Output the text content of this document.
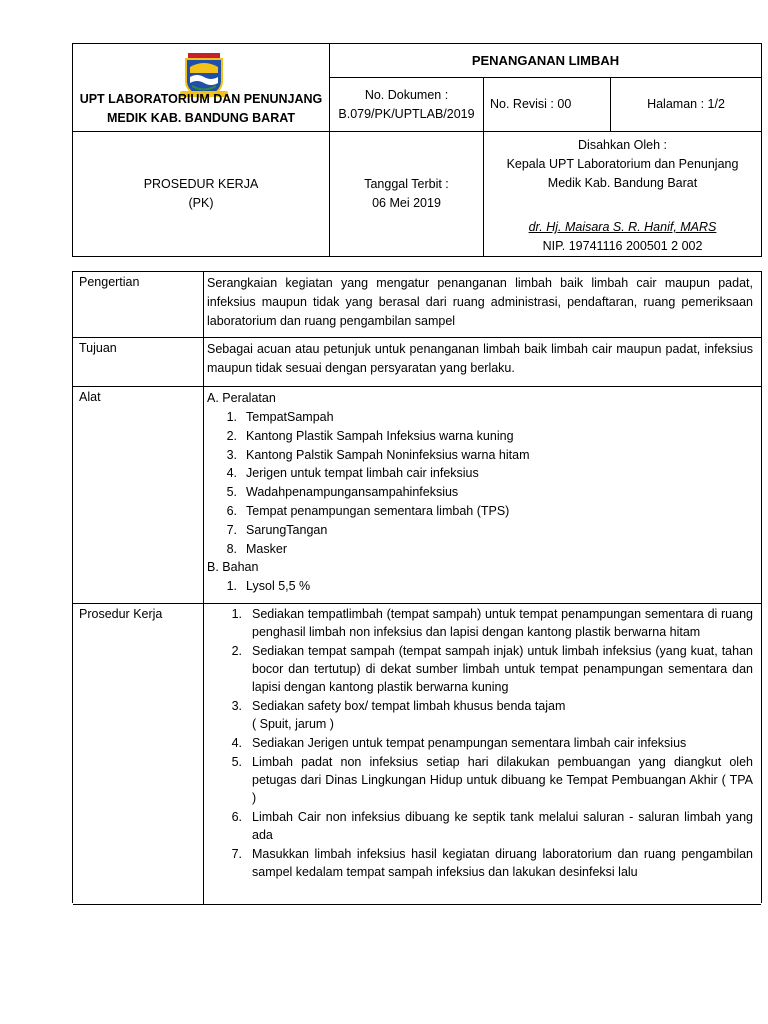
UPT LABORATORIUM DAN PENUNJANG
MEDIK KAB. BANDUNG BARAT
PENANGANAN LIMBAH
No. Dokumen :
B.079/PK/UPTLAB/2019
No. Revisi : 00	Halaman : 1/2
PROSEDUR KERJA
(PK)
Tanggal Terbit :
06 Mei 2019
Disahkan Oleh :
Kepala UPT Laboratorium dan Penunjang
Medik Kab. Bandung Barat
dr. Hj. Maisara S. R. Hanif, MARS
NIP. 19741116 200501 2 002
Pengertian	Serangkaian kegiatan yang mengatur penanganan limbah baik limbah cair maupun padat, infeksius maupun tidak yang berasal dari ruang administrasi, pendaftaran, ruang pemeriksaan laboratorium dan ruang pengambilan sampel
Tujuan	Sebagai acuan atau petunjuk untuk penanganan limbah baik limbah cair maupun padat, infeksius maupun tidak sesuai dengan persyaratan yang berlaku.
Alat	A. Peralatan
1. TempatSampah
2. Kantong Plastik Sampah Infeksius warna kuning
3. Kantong Palstik Sampah Noninfeksius warna hitam
4. Jerigen untuk tempat limbah cair infeksius
5. Wadahpenampungansampahinfeksius
6. Tempat penampungan sementara limbah (TPS)
7. SarungTangan
8. Masker
B. Bahan
1. Lysol 5,5 %
Prosedur Kerja	1. Sediakan tempatlimbah (tempat sampah) untuk tempat penampungan sementara di ruang penghasil limbah non infeksius dan lapisi dengan kantong plastik berwarna hitam
2. Sediakan tempat sampah (tempat sampah injak) untuk limbah infeksius (yang kuat, tahan bocor dan tertutup) di dekat sumber limbah untuk tempat penampungan sementara dan lapisi dengan kantong plastik berwarna kuning
3. Sediakan safety box/ tempat limbah khusus benda tajam
( Spuit, jarum )
4. Sediakan Jerigen untuk tempat penampungan sementara limbah cair infeksius
5. Limbah padat non infeksius setiap hari dilakukan pembuangan yang diangkut oleh petugas dari Dinas Lingkungan Hidup untuk dibuang ke Tempat Pembuangan Akhir ( TPA )
6. Limbah Cair non infeksius dibuang ke septik tank melalui saluran - saluran limbah yang ada
7. Masukkan limbah infeksius hasil kegiatan diruang laboratorium dan ruang pengambilan sampel kedalam tempat sampah infeksius dan lakukan desinfeksi lalu
